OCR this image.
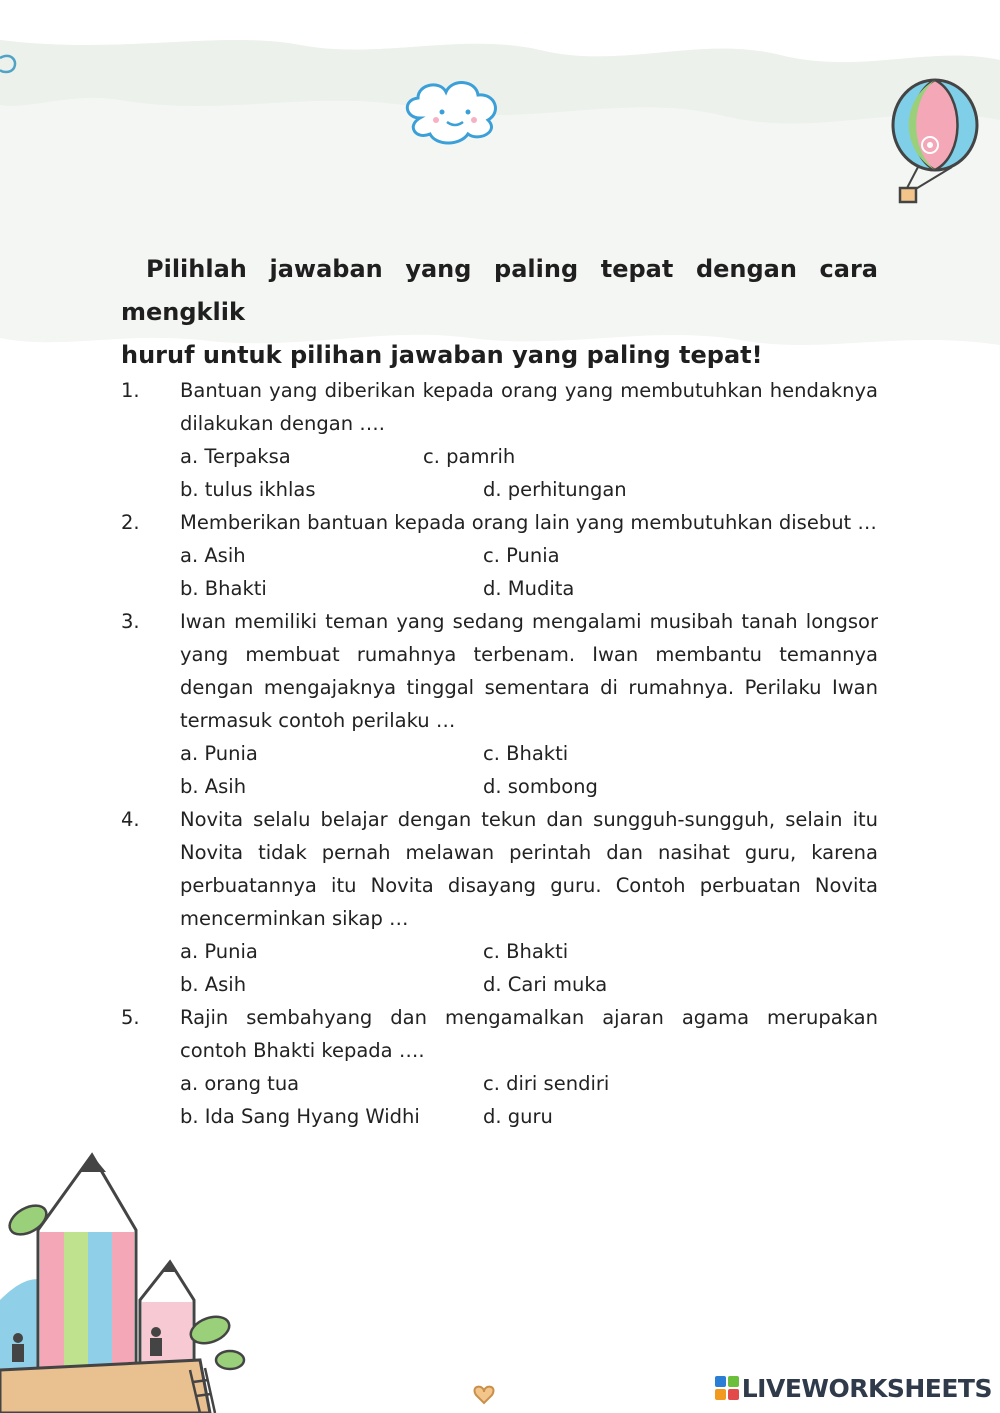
Pilihlah jawaban yang paling tepat dengan cara mengklik
huruf untuk pilihan jawaban yang paling tepat!
1. Bantuan yang diberikan kepada orang yang membutuhkan hendaknya dilakukan dengan ….
a. Terpaksa	c. pamrih
b. tulus ikhlas	d. perhitungan
2. Memberikan bantuan kepada orang lain yang membutuhkan disebut …
a. Asih	c. Punia
b. Bhakti	d. Mudita
3. Iwan memiliki teman yang sedang mengalami musibah tanah longsor yang membuat rumahnya terbenam. Iwan membantu temannya dengan mengajaknya tinggal sementara di rumahnya. Perilaku Iwan termasuk contoh perilaku …
a. Punia	c. Bhakti
b. Asih	d. sombong
4. Novita selalu belajar dengan tekun dan sungguh-sungguh, selain itu Novita tidak pernah melawan perintah dan nasihat guru, karena perbuatannya itu Novita disayang guru. Contoh perbuatan Novita mencerminkan sikap …
a. Punia	c. Bhakti
b. Asih	d. Cari muka
5. Rajin sembahyang dan mengamalkan ajaran agama merupakan contoh Bhakti kepada ….
a. orang tua	c. diri sendiri
b. Ida Sang Hyang Widhi	d. guru
LIVEWORKSHEETS
